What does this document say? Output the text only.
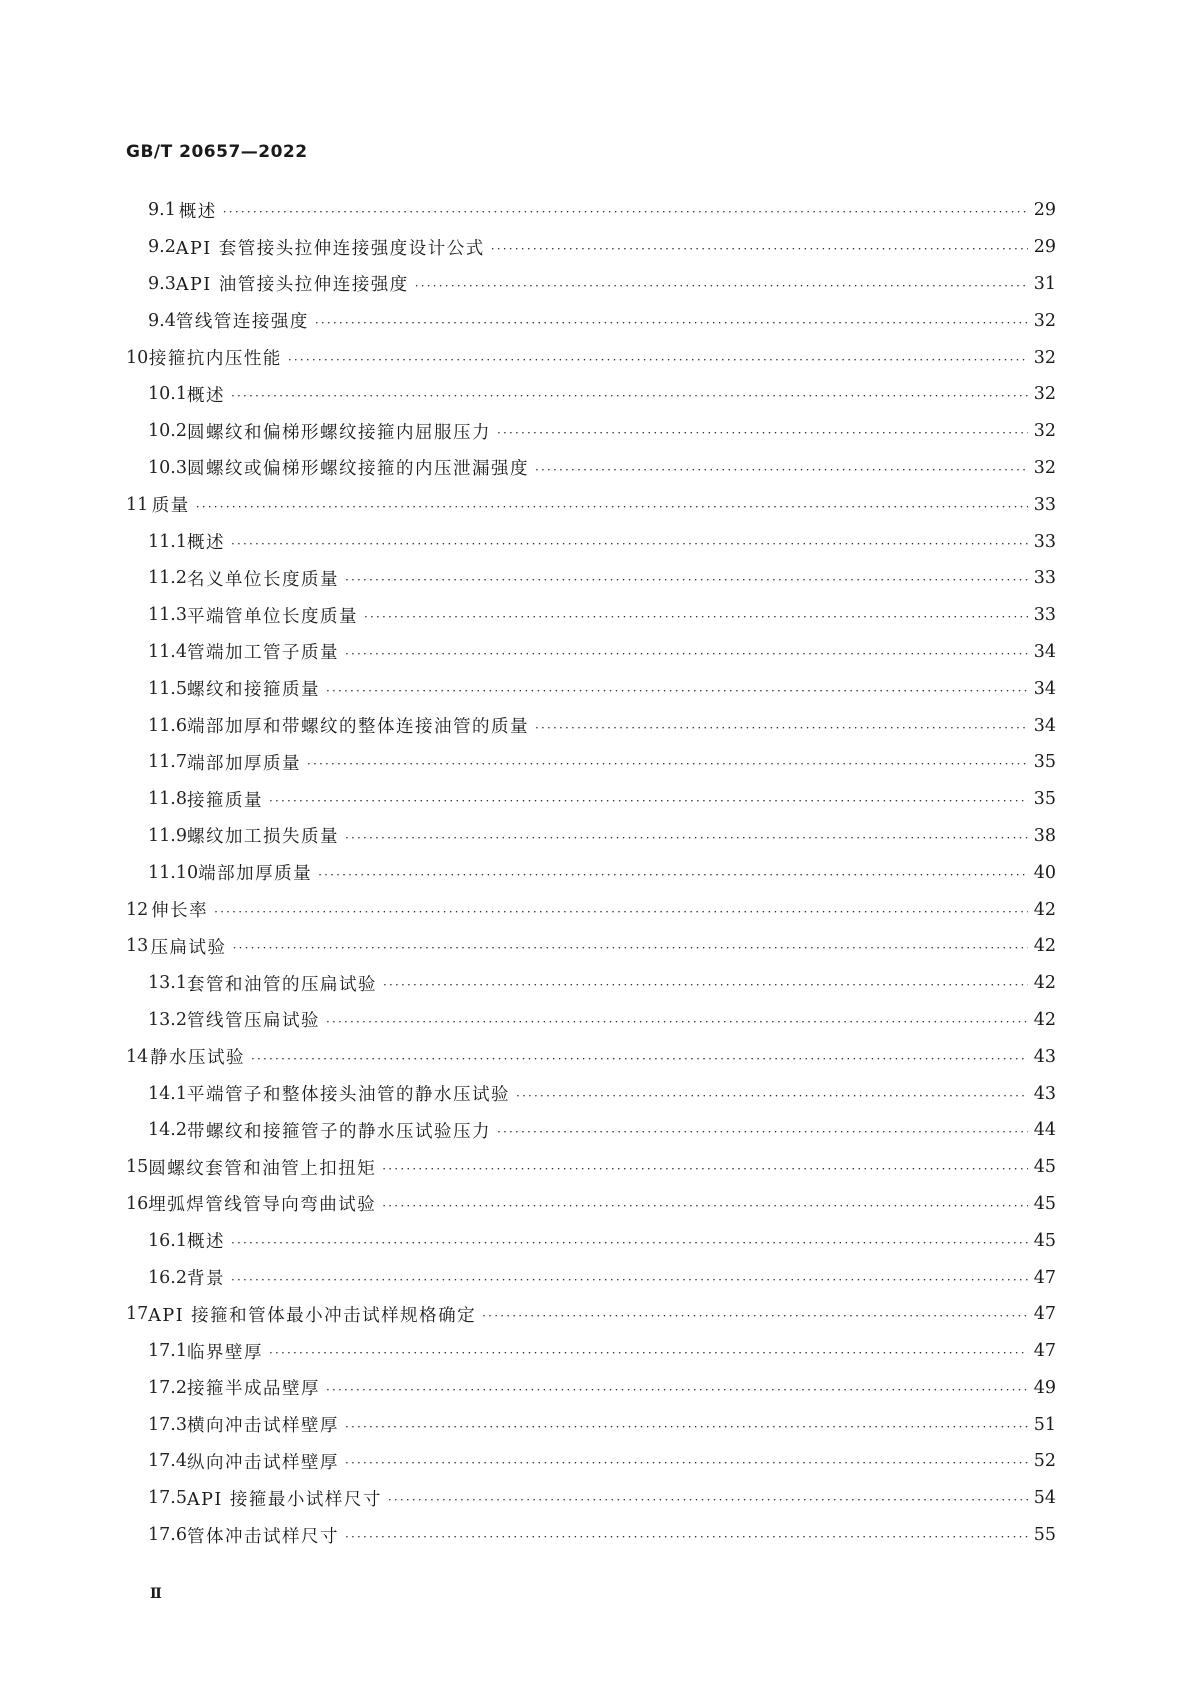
GB/T 20657—2022
9.1 概述 ·····	29
9.2 API 套管接头拉伸连接强度设计公式 ·····	29
9.3 API 油管接头拉伸连接强度 ·····	31
9.4 管线管连接强度 ·····	32
10 接箍抗内压性能 ·····	32
10.1 概述 ·····	32
10.2 圆螺纹和偏梯形螺纹接箍内屈服压力 ·····	32
10.3 圆螺纹或偏梯形螺纹接箍的内压泄漏强度 ·····	32
11 质量 ·····	33
11.1 概述 ·····	33
11.2 名义单位长度质量 ·····	33
11.3 平端管单位长度质量 ·····	33
11.4 管端加工管子质量 ·····	34
11.5 螺纹和接箍质量 ·····	34
11.6 端部加厚和带螺纹的整体连接油管的质量 ·····	34
11.7 端部加厚质量 ·····	35
11.8 接箍质量 ·····	35
11.9 螺纹加工损失质量 ·····	38
11.10 端部加厚质量 ·····	40
12 伸长率 ·····	42
13 压扁试验 ·····	42
13.1 套管和油管的压扁试验 ·····	42
13.2 管线管压扁试验 ·····	42
14 静水压试验 ·····	43
14.1 平端管子和整体接头油管的静水压试验 ·····	43
14.2 带螺纹和接箍管子的静水压试验压力 ·····	44
15 圆螺纹套管和油管上扣扭矩 ·····	45
16 埋弧焊管线管导向弯曲试验 ·····	45
16.1 概述 ·····	45
16.2 背景 ·····	47
17 API 接箍和管体最小冲击试样规格确定 ·····	47
17.1 临界壁厚 ·····	47
17.2 接箍半成品壁厚 ·····	49
17.3 横向冲击试样壁厚 ·····	51
17.4 纵向冲击试样壁厚 ·····	52
17.5 API 接箍最小试样尺寸 ·····	54
17.6 管体冲击试样尺寸 ·····	55
Ⅱ
